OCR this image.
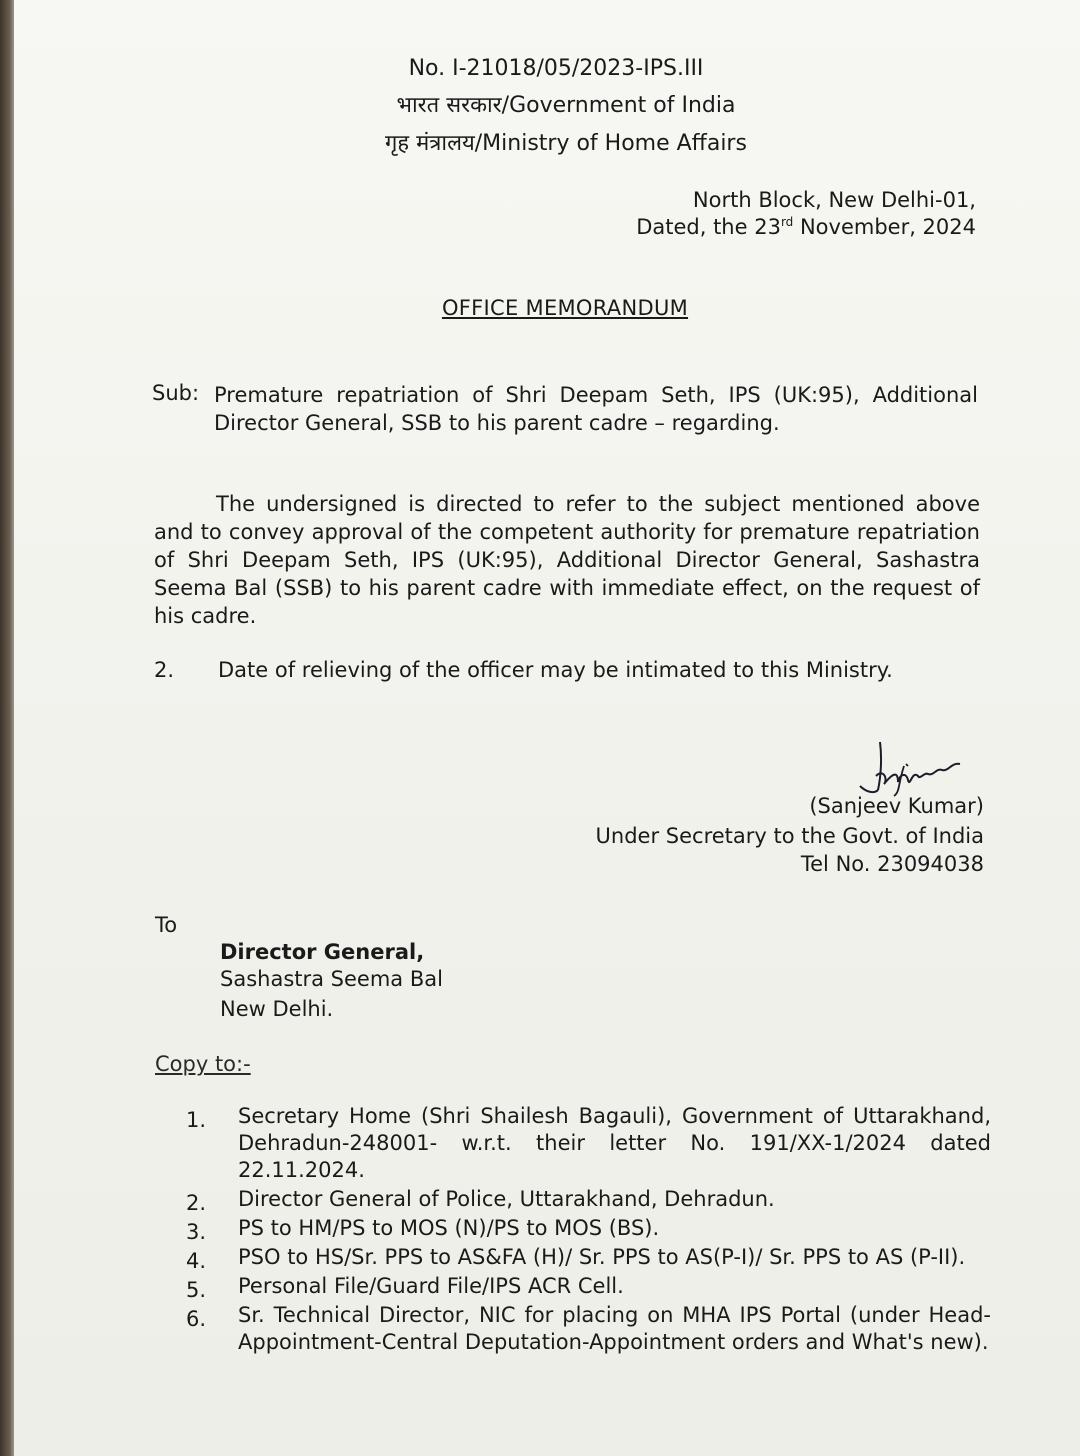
No. I-21018/05/2023-IPS.III
भारत सरकार/Government of India
गृह मंत्रालय/Ministry of Home Affairs
North Block, New Delhi-01,
Dated, the 23rd November, 2024
OFFICE MEMORANDUM
Sub: Premature repatriation of Shri Deepam Seth, IPS (UK:95), Additional Director General, SSB to his parent cadre – regarding.
The undersigned is directed to refer to the subject mentioned above and to convey approval of the competent authority for premature repatriation of Shri Deepam Seth, IPS (UK:95), Additional Director General, Sashastra Seema Bal (SSB) to his parent cadre with immediate effect, on the request of his cadre.
2. Date of relieving of the officer may be intimated to this Ministry.
(Sanjeev Kumar)
Under Secretary to the Govt. of India
Tel No. 23094038
To
Director General,
Sashastra Seema Bal
New Delhi.
Copy to:-
1. Secretary Home (Shri Shailesh Bagauli), Government of Uttarakhand, Dehradun-248001- w.r.t. their letter No. 191/XX-1/2024 dated 22.11.2024.
2. Director General of Police, Uttarakhand, Dehradun.
3. PS to HM/PS to MOS (N)/PS to MOS (BS).
4. PSO to HS/Sr. PPS to AS&FA (H)/ Sr. PPS to AS(P-I)/ Sr. PPS to AS (P-II).
5. Personal File/Guard File/IPS ACR Cell.
6. Sr. Technical Director, NIC for placing on MHA IPS Portal (under Head-Appointment-Central Deputation-Appointment orders and What's new).
